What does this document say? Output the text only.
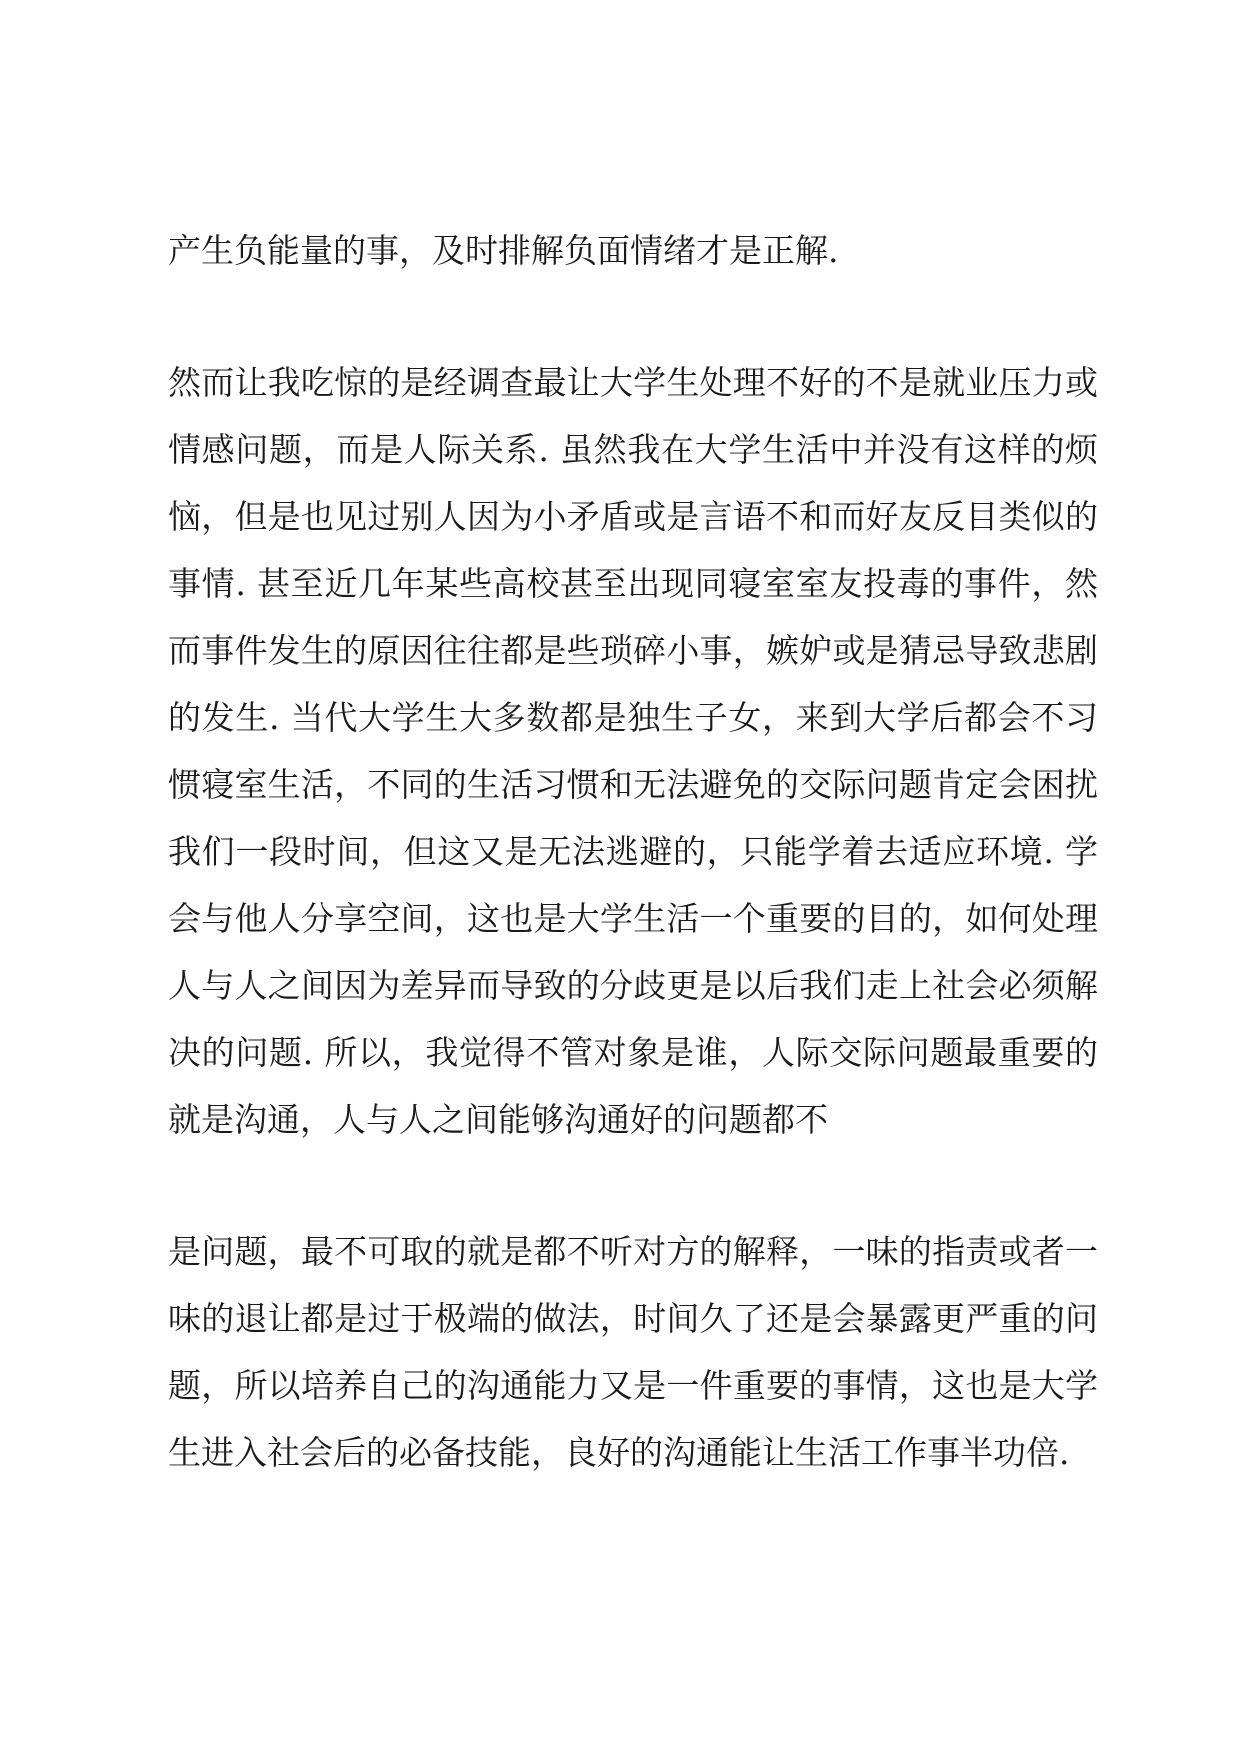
产生负能量的事，及时排解负面情绪才是正解.
然而让我吃惊的是经调查最让大学生处理不好的不是就业压力或
情感问题，而是人际关系. 虽然我在大学生活中并没有这样的烦
恼，但是也见过别人因为小矛盾或是言语不和而好友反目类似的
事情. 甚至近几年某些高校甚至出现同寝室室友投毒的事件，然
而事件发生的原因往往都是些琐碎小事，嫉妒或是猜忌导致悲剧
的发生. 当代大学生大多数都是独生子女，来到大学后都会不习
惯寝室生活，不同的生活习惯和无法避免的交际问题肯定会困扰
我们一段时间，但这又是无法逃避的，只能学着去适应环境. 学
会与他人分享空间，这也是大学生活一个重要的目的，如何处理
人与人之间因为差异而导致的分歧更是以后我们走上社会必须解
决的问题. 所以，我觉得不管对象是谁，人际交际问题最重要的
就是沟通，人与人之间能够沟通好的问题都不
是问题，最不可取的就是都不听对方的解释，一味的指责或者一
味的退让都是过于极端的做法，时间久了还是会暴露更严重的问
题，所以培养自己的沟通能力又是一件重要的事情，这也是大学
生进入社会后的必备技能，良好的沟通能让生活工作事半功倍.
